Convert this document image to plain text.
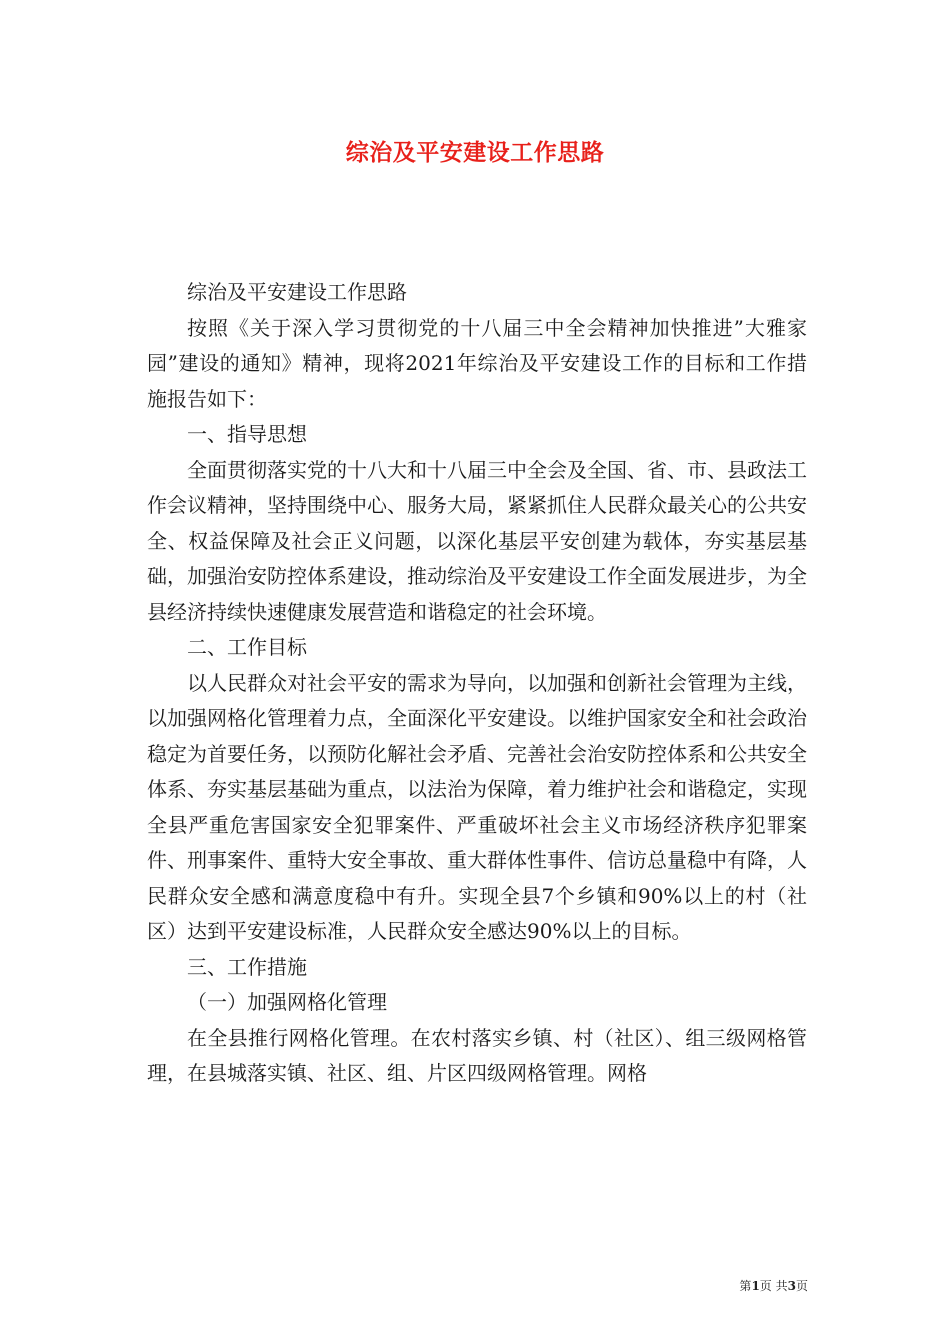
综治及平安建设工作思路

综治及平安建设工作思路

按照《关于深入学习贯彻党的十八届三中全会精神加快推进”大雅家园”建设的通知》精神，现将2021年综治及平安建设工作的目标和工作措施报告如下：

一、指导思想

全面贯彻落实党的十八大和十八届三中全会及全国、省、市、县政法工作会议精神，坚持围绕中心、服务大局，紧紧抓住人民群众最关心的公共安全、权益保障及社会正义问题，以深化基层平安创建为载体，夯实基层基础，加强治安防控体系建设，推动综治及平安建设工作全面发展进步，为全县经济持续快速健康发展营造和谐稳定的社会环境。

二、工作目标

以人民群众对社会平安的需求为导向，以加强和创新社会管理为主线，以加强网格化管理着力点，全面深化平安建设。以维护国家安全和社会政治稳定为首要任务，以预防化解社会矛盾、完善社会治安防控体系和公共安全体系、夯实基层基础为重点，以法治为保障，着力维护社会和谐稳定，实现全县严重危害国家安全犯罪案件、严重破坏社会主义市场经济秩序犯罪案件、刑事案件、重特大安全事故、重大群体性事件、信访总量稳中有降，人民群众安全感和满意度稳中有升。实现全县7个乡镇和90%以上的村（社区）达到平安建设标准，人民群众安全感达90%以上的目标。

三、工作措施

（一）加强网格化管理

在全县推行网格化管理。在农村落实乡镇、村（社区）、组三级网格管理，在县城落实镇、社区、组、片区四级网格管理。网格

第1页 共3页
